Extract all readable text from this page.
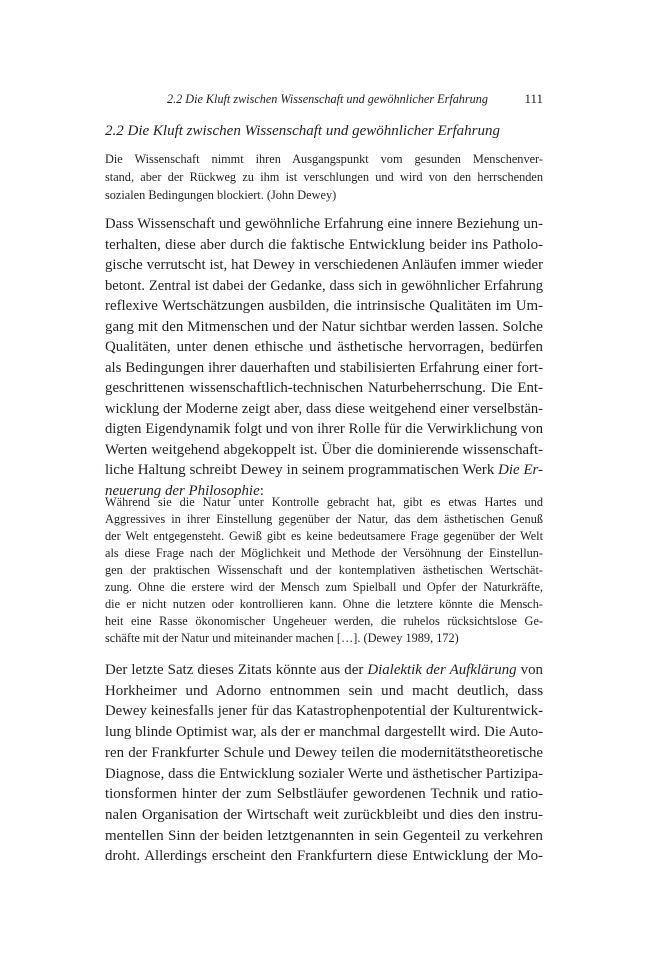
2.2 Die Kluft zwischen Wissenschaft und gewöhnlicher Erfahrung	111
2.2 Die Kluft zwischen Wissenschaft und gewöhnlicher Erfahrung
Die Wissenschaft nimmt ihren Ausgangspunkt vom gesunden Menschenver-
stand, aber der Rückweg zu ihm ist verschlungen und wird von den herrschenden
sozialen Bedingungen blockiert. (John Dewey)
Dass Wissenschaft und gewöhnliche Erfahrung eine innere Beziehung un-
terhalten, diese aber durch die faktische Entwicklung beider ins Patholo-
gische verrutscht ist, hat Dewey in verschiedenen Anläufen immer wieder
betont. Zentral ist dabei der Gedanke, dass sich in gewöhnlicher Erfahrung
reflexive Wertschätzungen ausbilden, die intrinsische Qualitäten im Um-
gang mit den Mitmenschen und der Natur sichtbar werden lassen. Solche
Qualitäten, unter denen ethische und ästhetische hervorragen, bedürfen
als Bedingungen ihrer dauerhaften und stabilisierten Erfahrung einer fort-
geschrittenen wissenschaftlich-technischen Naturbeherrschung. Die Ent-
wicklung der Moderne zeigt aber, dass diese weitgehend einer verselbstän-
digten Eigendynamik folgt und von ihrer Rolle für die Verwirklichung von
Werten weitgehend abgekoppelt ist. Über die dominierende wissenschaft-
liche Haltung schreibt Dewey in seinem programmatischen Werk Die Er-
neuerung der Philosophie:
Während sie die Natur unter Kontrolle gebracht hat, gibt es etwas Hartes und
Aggressives in ihrer Einstellung gegenüber der Natur, das dem ästhetischen Genuß
der Welt entgegensteht. Gewiß gibt es keine bedeutsamere Frage gegenüber der Welt
als diese Frage nach der Möglichkeit und Methode der Versöhnung der Einstellun-
gen der praktischen Wissenschaft und der kontemplativen ästhetischen Wertschät-
zung. Ohne die erstere wird der Mensch zum Spielball und Opfer der Naturkräfte,
die er nicht nutzen oder kontrollieren kann. Ohne die letztere könnte die Mensch-
heit eine Rasse ökonomischer Ungeheuer werden, die ruhelos rücksichtslose Ge-
schäfte mit der Natur und miteinander machen […]. (Dewey 1989, 172)
Der letzte Satz dieses Zitats könnte aus der Dialektik der Aufklärung von
Horkheimer und Adorno entnommen sein und macht deutlich, dass
Dewey keinesfalls jener für das Katastrophenpotential der Kulturentwick-
lung blinde Optimist war, als der er manchmal dargestellt wird. Die Auto-
ren der Frankfurter Schule und Dewey teilen die modernitätstheoretische
Diagnose, dass die Entwicklung sozialer Werte und ästhetischer Partizipa-
tionsformen hinter der zum Selbstläufer gewordenen Technik und ratio-
nalen Organisation der Wirtschaft weit zurückbleibt und dies den instru-
mentellen Sinn der beiden letztgenannten in sein Gegenteil zu verkehren
droht. Allerdings erscheint den Frankfurtern diese Entwicklung der Mo-
